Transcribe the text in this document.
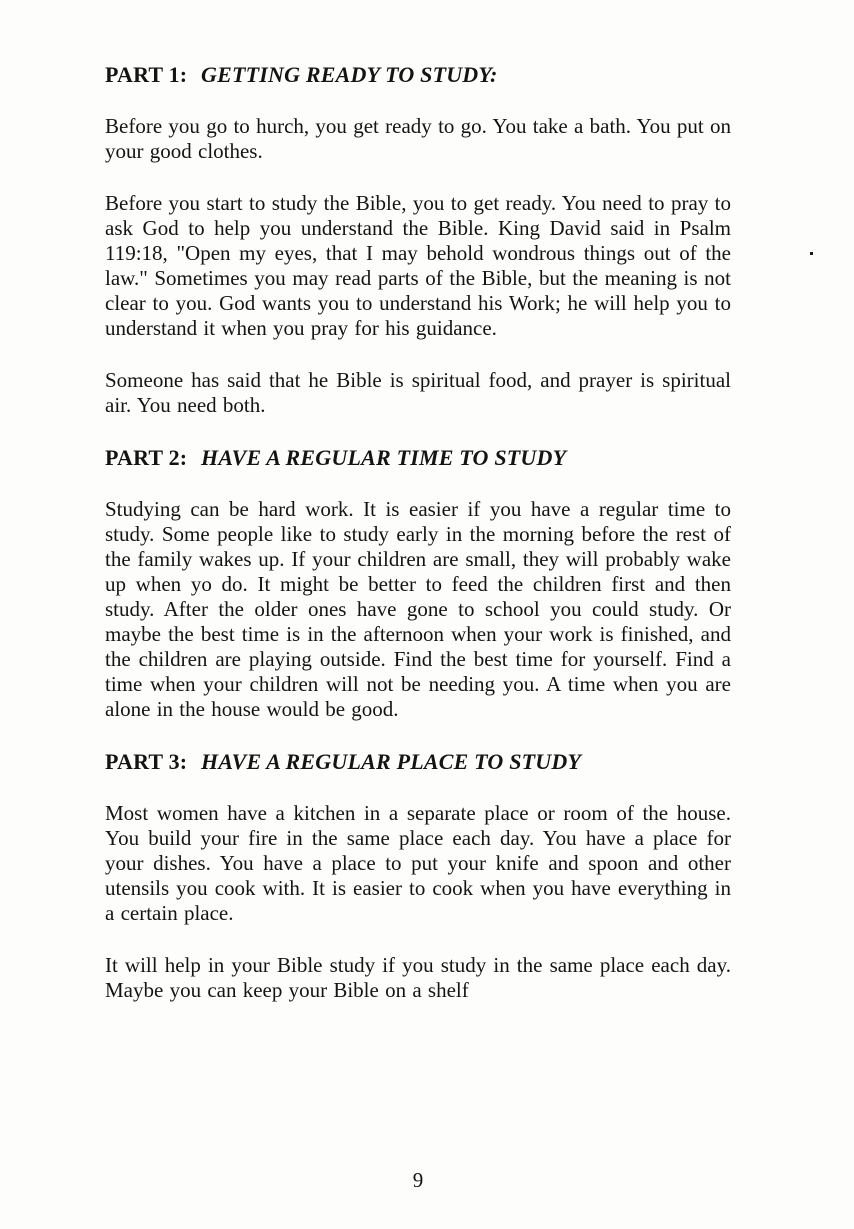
PART 1: GETTING READY TO STUDY:

Before you go to hurch, you get ready to go. You take a bath. You put on your good clothes.

Before you start to study the Bible, you to get ready. You need to pray to ask God to help you understand the Bible. King David said in Psalm 119:18, "Open my eyes, that I may behold wondrous things out of the law." Sometimes you may read parts of the Bible, but the meaning is not clear to you. God wants you to understand his Work; he will help you to understand it when you pray for his guidance.

Someone has said that he Bible is spiritual food, and prayer is spiritual air. You need both.

PART 2: HAVE A REGULAR TIME TO STUDY

Studying can be hard work. It is easier if you have a regular time to study. Some people like to study early in the morning before the rest of the family wakes up. If your children are small, they will probably wake up when yo do. It might be better to feed the children first and then study. After the older ones have gone to school you could study. Or maybe the best time is in the afternoon when your work is finished, and the children are playing outside. Find the best time for yourself. Find a time when your children will not be needing you. A time when you are alone in the house would be good.

PART 3: HAVE A REGULAR PLACE TO STUDY

Most women have a kitchen in a separate place or room of the house. You build your fire in the same place each day. You have a place for your dishes. You have a place to put your knife and spoon and other utensils you cook with. It is easier to cook when you have everything in a certain place.

It will help in your Bible study if you study in the same place each day. Maybe you can keep your Bible on a shelf

9
